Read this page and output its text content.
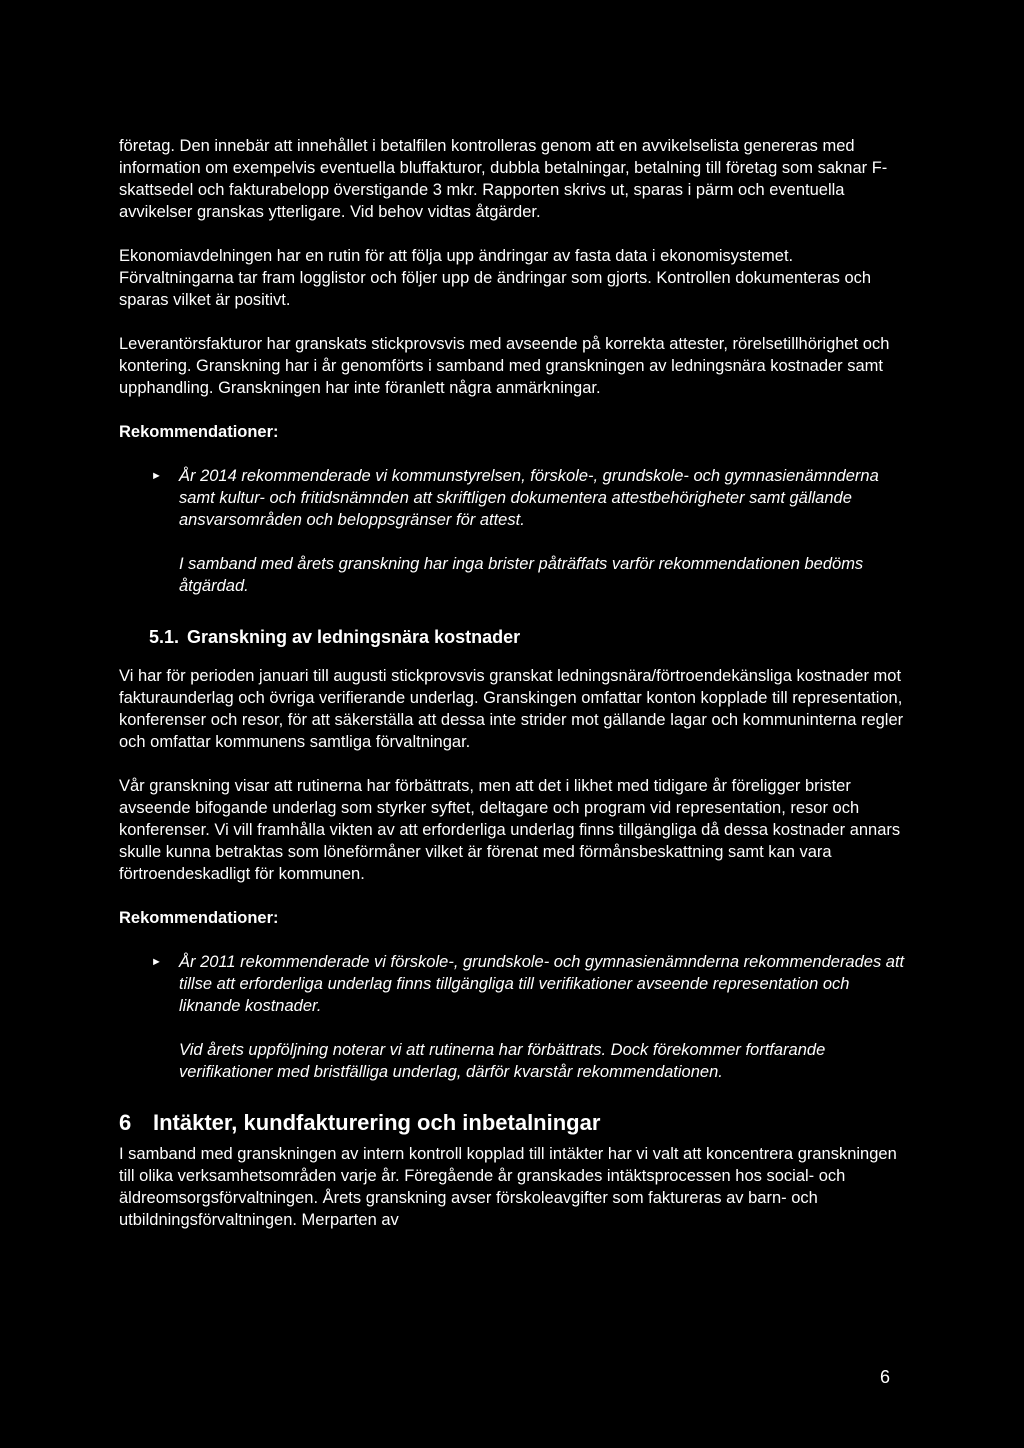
företag. Den innebär att innehållet i betalfilen kontrolleras genom att en avvikelselista genereras med information om exempelvis eventuella bluffakturor, dubbla betalningar, betalning till företag som saknar F-skattsedel och fakturabelopp överstigande 3 mkr. Rapporten skrivs ut, sparas i pärm och eventuella avvikelser granskas ytterligare. Vid behov vidtas åtgärder.

Ekonomiavdelningen har en rutin för att följa upp ändringar av fasta data i ekonomisystemet. Förvaltningarna tar fram logglistor och följer upp de ändringar som gjorts. Kontrollen dokumenteras och sparas vilket är positivt.

Leverantörsfakturor har granskats stickprovsvis med avseende på korrekta attester, rörelsetillhörighet och kontering. Granskning har i år genomförts i samband med granskningen av ledningsnära kostnader samt upphandling. Granskningen har inte föranlett några anmärkningar.

Rekommendationer:

► År 2014 rekommenderade vi kommunstyrelsen, förskole-, grundskole- och gymnasienämnderna samt kultur- och fritidsnämnden att skriftligen dokumentera attestbehörigheter samt gällande ansvarsområden och beloppsgränser för attest.

I samband med årets granskning har inga brister påträffats varför rekommendationen bedöms åtgärdad.

5.1. Granskning av ledningsnära kostnader

Vi har för perioden januari till augusti stickprovsvis granskat ledningsnära/förtroendekänsliga kostnader mot fakturaunderlag och övriga verifierande underlag. Granskingen omfattar konton kopplade till representation, konferenser och resor, för att säkerställa att dessa inte strider mot gällande lagar och kommuninterna regler och omfattar kommunens samtliga förvaltningar.

Vår granskning visar att rutinerna har förbättrats, men att det i likhet med tidigare år föreligger brister avseende bifogande underlag som styrker syftet, deltagare och program vid representation, resor och konferenser. Vi vill framhålla vikten av att erforderliga underlag finns tillgängliga då dessa kostnader annars skulle kunna betraktas som löneförmåner vilket är förenat med förmånsbeskattning samt kan vara förtroendeskadligt för kommunen.

Rekommendationer:

► År 2011 rekommenderade vi förskole-, grundskole- och gymnasienämnderna rekommenderades att tillse att erforderliga underlag finns tillgängliga till verifikationer avseende representation och liknande kostnader.

Vid årets uppföljning noterar vi att rutinerna har förbättrats. Dock förekommer fortfarande verifikationer med bristfälliga underlag, därför kvarstår rekommendationen.

6 Intäkter, kundfakturering och inbetalningar

I samband med granskningen av intern kontroll kopplad till intäkter har vi valt att koncentrera granskningen till olika verksamhetsområden varje år. Föregående år granskades intäktsprocessen hos social- och äldreomsorgsförvaltningen. Årets granskning avser förskoleavgifter som faktureras av barn- och utbildningsförvaltningen. Merparten av

6
